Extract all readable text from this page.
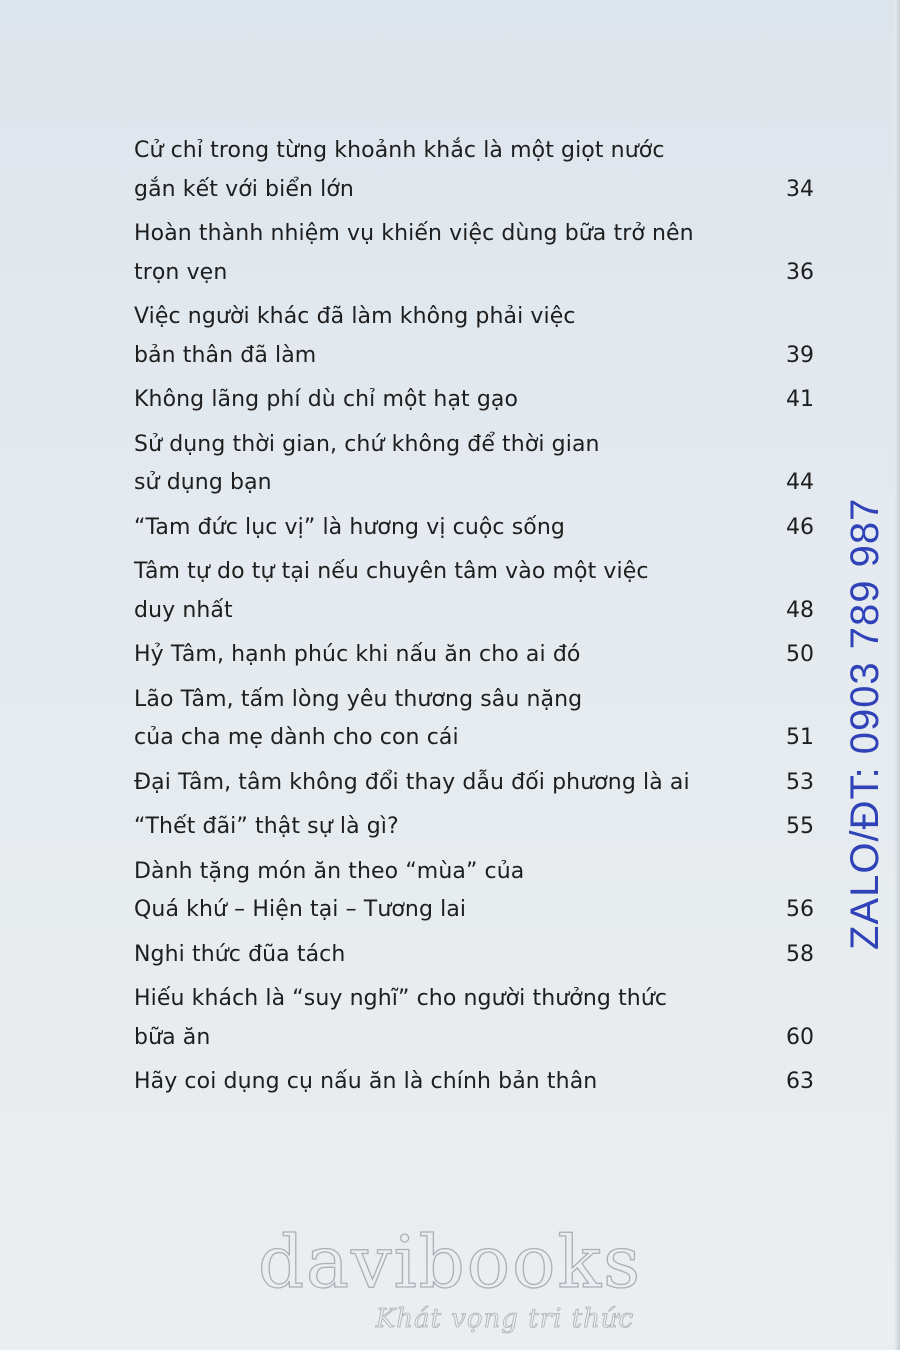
Cử chỉ trong từng khoảnh khắc là một giọt nước
gắn kết với biển lớn	34
Hoàn thành nhiệm vụ khiến việc dùng bữa trở nên
trọn vẹn	36
Việc người khác đã làm không phải việc
bản thân đã làm	39
Không lãng phí dù chỉ một hạt gạo	41
Sử dụng thời gian, chứ không để thời gian
sử dụng bạn	44
“Tam đức lục vị” là hương vị cuộc sống	46
Tâm tự do tự tại nếu chuyên tâm vào một việc
duy nhất	48
Hỷ Tâm, hạnh phúc khi nấu ăn cho ai đó	50
Lão Tâm, tấm lòng yêu thương sâu nặng
của cha mẹ dành cho con cái	51
Đại Tâm, tâm không đổi thay dẫu đối phương là ai	53
“Thết đãi” thật sự là gì?	55
Dành tặng món ăn theo “mùa” của
Quá khứ – Hiện tại – Tương lai	56
Nghi thức đũa tách	58
Hiếu khách là “suy nghĩ” cho người thưởng thức
bữa ăn	60
Hãy coi dụng cụ nấu ăn là chính bản thân	63
ZALO/ĐT: 0903 789 987
davibooks
Khát vọng tri thức
